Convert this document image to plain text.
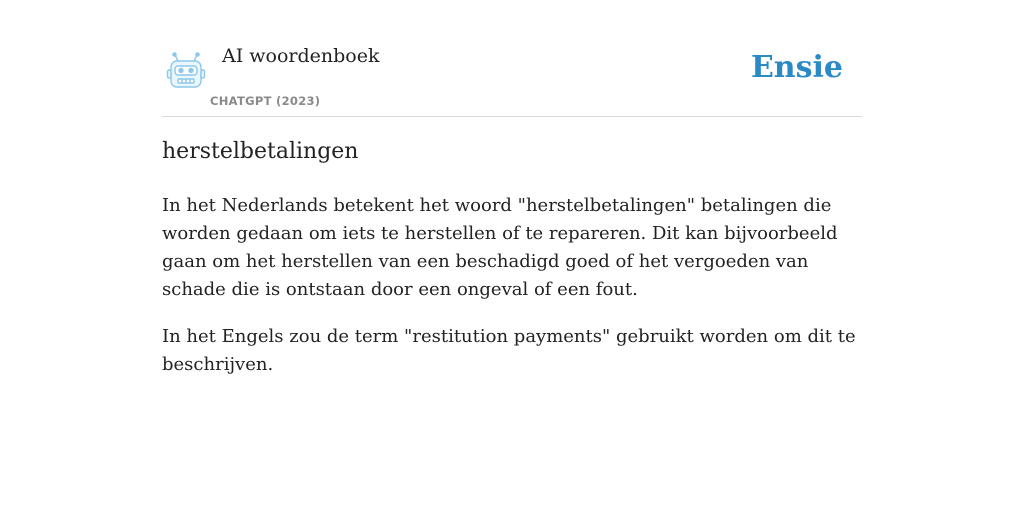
AI woordenboek
CHATGPT (2023)
Ensie
herstelbetalingen

In het Nederlands betekent het woord "herstelbetalingen" betalingen die worden gedaan om iets te herstellen of te repareren. Dit kan bijvoorbeeld gaan om het herstellen van een beschadigd goed of het vergoeden van schade die is ontstaan door een ongeval of een fout.

In het Engels zou de term "restitution payments" gebruikt worden om dit te beschrijven.
